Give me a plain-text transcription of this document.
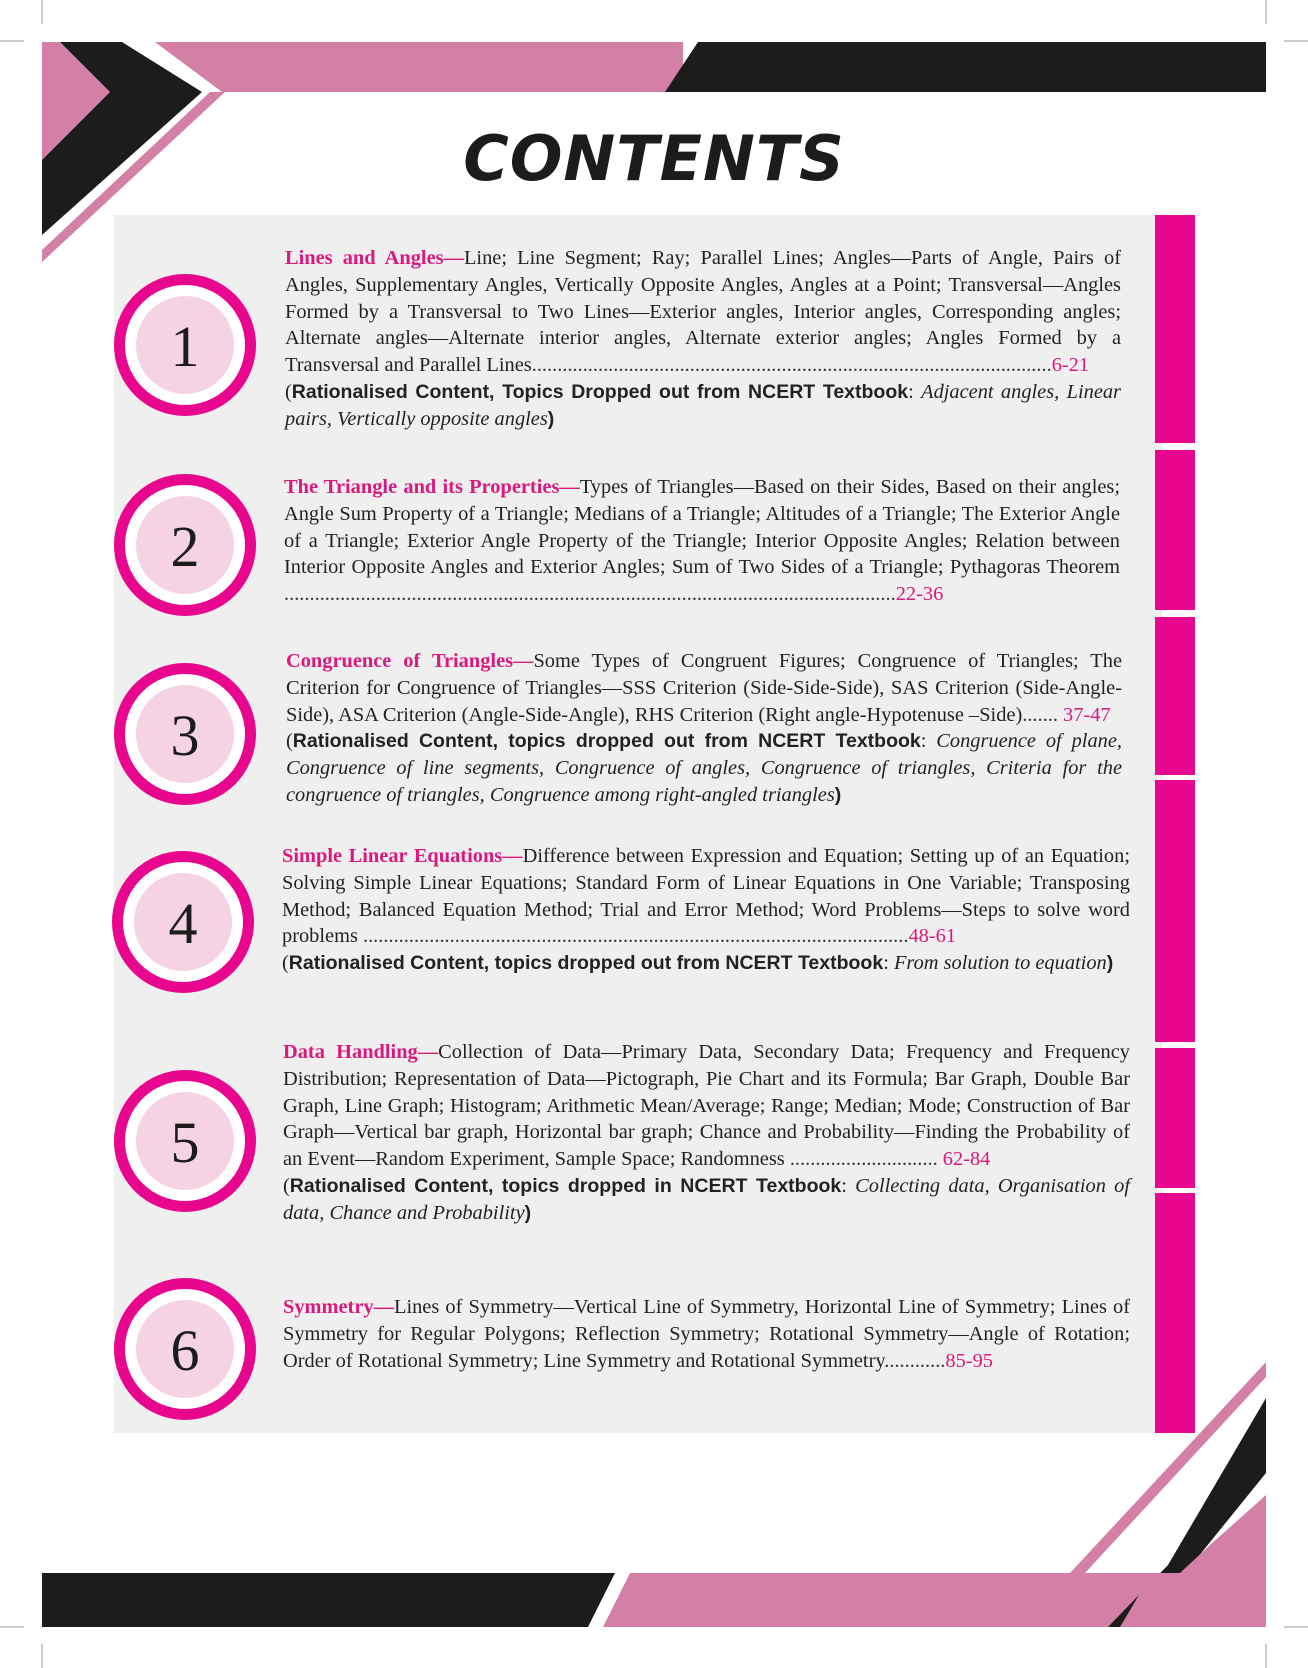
CONTENTS
1
Lines and Angles—Line; Line Segment; Ray; Parallel Lines; Angles—Parts of Angle, Pairs of Angles, Supplementary Angles, Vertically Opposite Angles, Angles at a Point; Transversal—Angles Formed by a Transversal to Two Lines—Exterior angles, Interior angles, Corresponding angles; Alternate angles—Alternate interior angles, Alternate exterior angles; Angles Formed by a Transversal and Parallel Lines......................................................................................................6-21
(Rationalised Content, Topics Dropped out from NCERT Textbook: Adjacent angles, Linear pairs, Vertically opposite angles)
2
The Triangle and its Properties—Types of Triangles—Based on their Sides, Based on their angles; Angle Sum Property of a Triangle; Medians of a Triangle; Altitudes of a Triangle; The Exterior Angle of a Triangle; Exterior Angle Property of the Triangle; Interior Opposite Angles; Relation between Interior Opposite Angles and Exterior Angles; Sum of Two Sides of a Triangle; Pythagoras Theorem ........................................................................................................................22-36
3
Congruence of Triangles—Some Types of Congruent Figures; Congruence of Triangles; The Criterion for Congruence of Triangles—SSS Criterion (Side-Side-Side), SAS Criterion (Side-Angle-Side), ASA Criterion (Angle-Side-Angle), RHS Criterion (Right angle-Hypotenuse –Side)....... 37-47
(Rationalised Content, topics dropped out from NCERT Textbook: Congruence of plane, Congruence of line segments, Congruence of angles, Congruence of triangles, Criteria for the congruence of triangles, Congruence among right-angled triangles)
4
Simple Linear Equations—Difference between Expression and Equation; Setting up of an Equation; Solving Simple Linear Equations; Standard Form of Linear Equations in One Variable; Transposing Method; Balanced Equation Method; Trial and Error Method; Word Problems—Steps to solve word problems ...........................................................................................................48-61
(Rationalised Content, topics dropped out from NCERT Textbook: From solution to equation)
5
Data Handling—Collection of Data—Primary Data, Secondary Data; Frequency and Frequency Distribution; Representation of Data—Pictograph, Pie Chart and its Formula; Bar Graph, Double Bar Graph, Line Graph; Histogram; Arithmetic Mean/Average; Range; Median; Mode; Construction of Bar Graph—Vertical bar graph, Horizontal bar graph; Chance and Probability—Finding the Probability of an Event—Random Experiment, Sample Space; Randomness ............................. 62-84
(Rationalised Content, topics dropped in NCERT Textbook: Collecting data, Organisation of data, Chance and Probability)
6
Symmetry—Lines of Symmetry—Vertical Line of Symmetry, Horizontal Line of Symmetry; Lines of Symmetry for Regular Polygons; Reflection Symmetry; Rotational Symmetry—Angle of Rotation; Order of Rotational Symmetry; Line Symmetry and Rotational Symmetry............85-95
